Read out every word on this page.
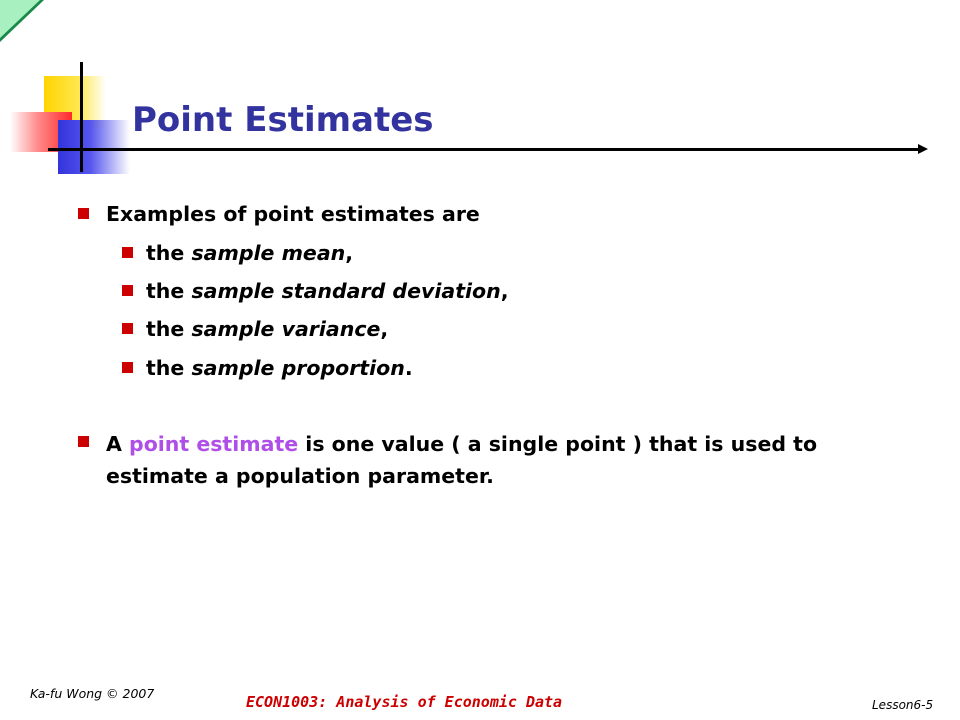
Point Estimates
Examples of point estimates are
the sample mean,
the sample standard deviation,
the sample variance,
the sample proportion.
A point estimate is one value ( a single point ) that is used to estimate a population parameter.
Ka-fu Wong © 2007	ECON1003: Analysis of Economic Data	Lesson6-5
